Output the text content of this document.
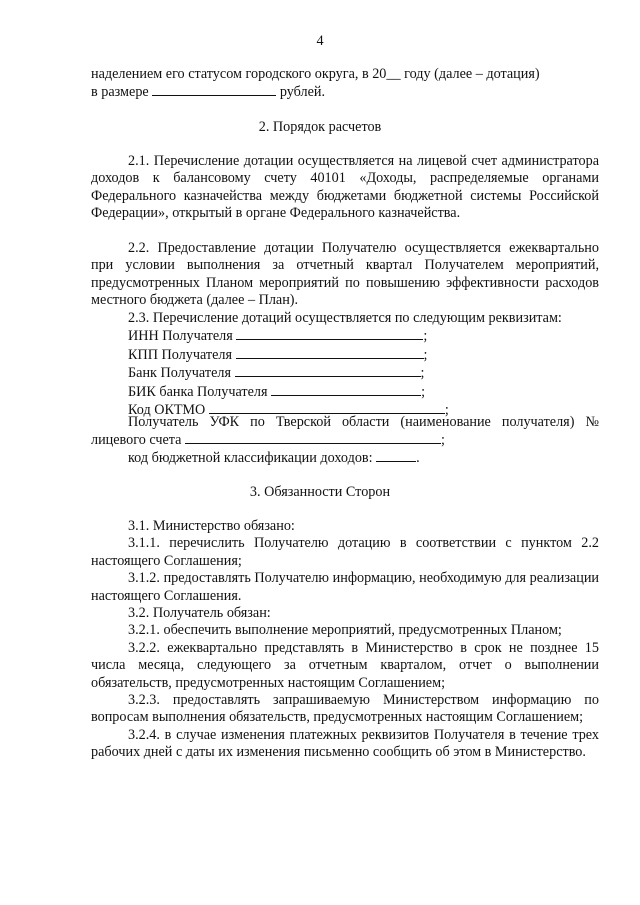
4
наделением его статусом городского округа, в 20__ году (далее – дотация)
в размере	рублей.
2. Порядок расчетов
2.1. Перечисление дотации осуществляется на лицевой счет администратора доходов к балансовому счету 40101 «Доходы, распределяемые органами Федерального казначейства между бюджетами бюджетной системы Российской Федерации», открытый в органе Федерального казначейства.
2.2. Предоставление дотации Получателю осуществляется ежеквартально при условии выполнения за отчетный квартал Получателем мероприятий, предусмотренных Планом мероприятий по повышению эффективности расходов местного бюджета (далее – План).
2.3. Перечисление дотаций осуществляется по следующим реквизитам:
ИНН Получателя	;
КПП Получателя	;
Банк Получателя	;
БИК банка Получателя	;
Код ОКТМО	;
Получатель УФК по Тверской области (наименование получателя) № лицевого счета	;
код бюджетной классификации доходов:	.
3. Обязанности Сторон
3.1. Министерство обязано:
3.1.1. перечислить Получателю дотацию в соответствии с пунктом 2.2 настоящего Соглашения;
3.1.2. предоставлять Получателю информацию, необходимую для реализации настоящего Соглашения.
3.2. Получатель обязан:
3.2.1. обеспечить выполнение мероприятий, предусмотренных Планом;
3.2.2. ежеквартально представлять в Министерство в срок не позднее 15 числа месяца, следующего за отчетным кварталом, отчет о выполнении обязательств, предусмотренных настоящим Соглашением;
3.2.3. предоставлять запрашиваемую Министерством информацию по вопросам выполнения обязательств, предусмотренных настоящим Соглашением;
3.2.4. в случае изменения платежных реквизитов Получателя в течение трех рабочих дней с даты их изменения письменно сообщить об этом в Министерство.
